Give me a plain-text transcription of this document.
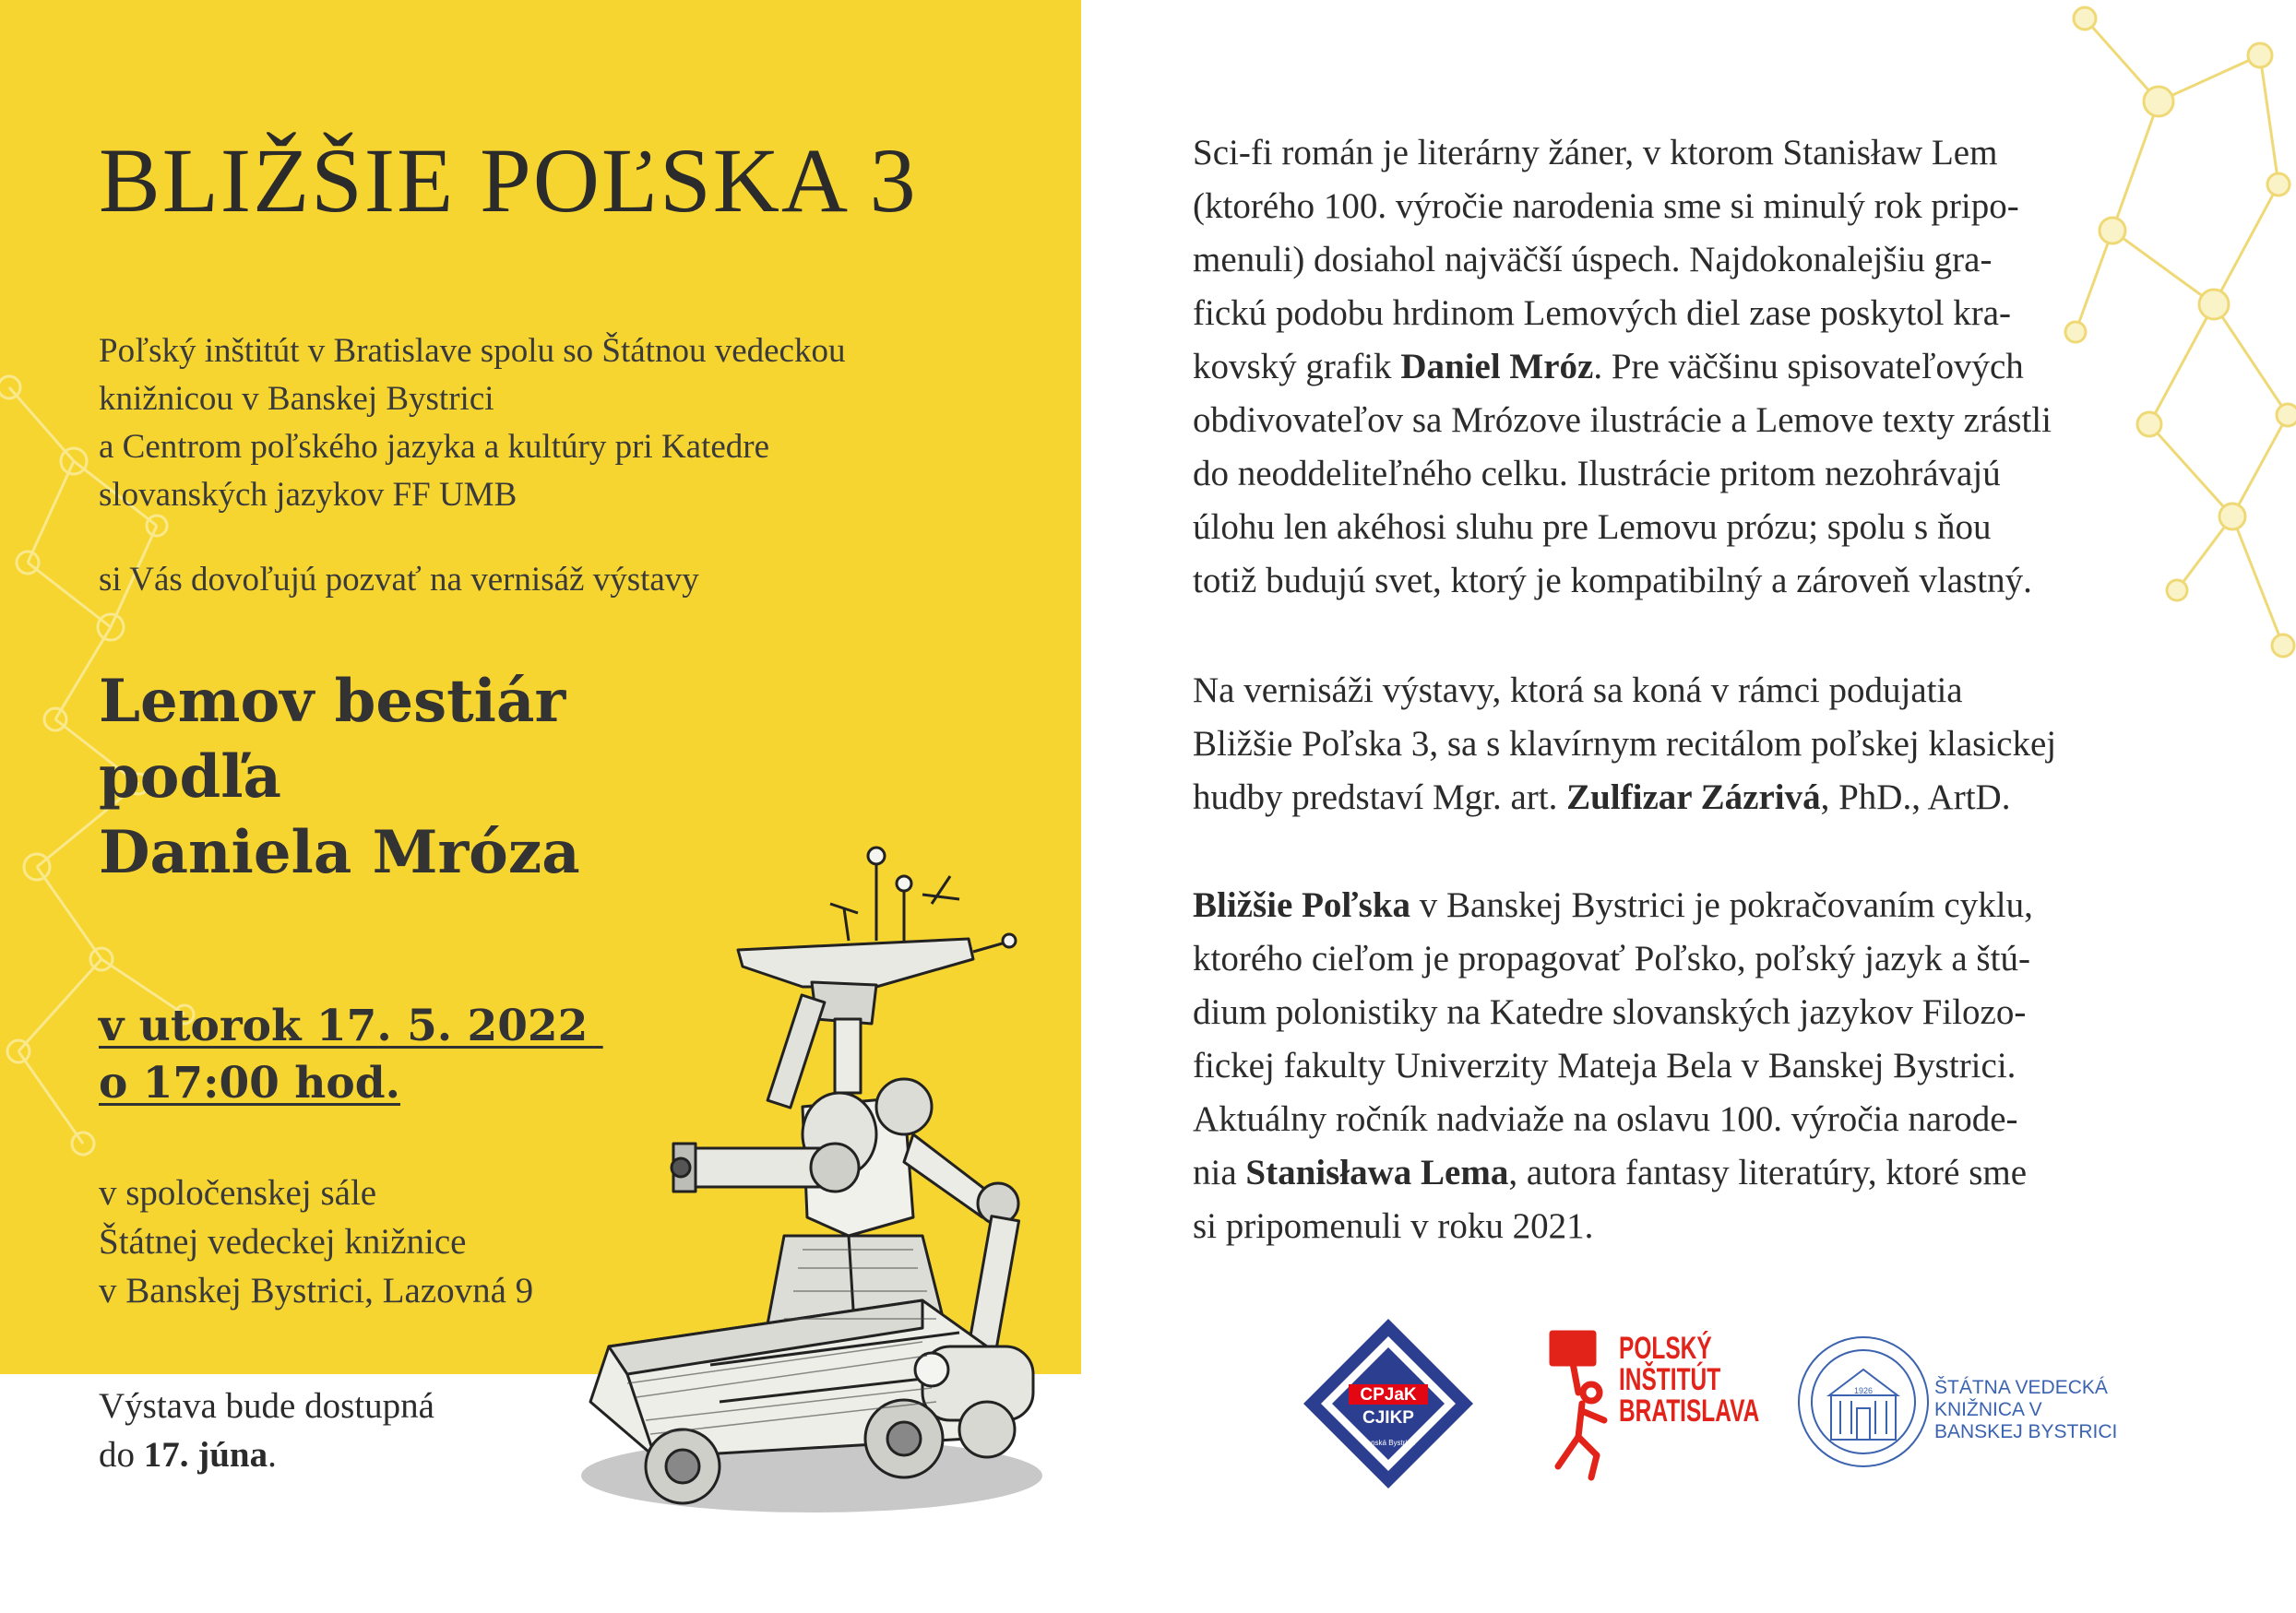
BLIŽŠIE POĽSKA 3
Poľský inštitút v Bratislave spolu so Štátnou vedeckou
knižnicou v Banskej Bystrici
a Centrom poľského jazyka a kultúry pri Katedre
slovanských jazykov FF UMB
si Vás dovoľujú pozvať na vernisáž výstavy
Lemov bestiár
podľa
Daniela Mróza
v utorok 17. 5. 2022
o 17:00 hod.
v spoločenskej sále
Štátnej vedeckej knižnice
v Banskej Bystrici, Lazovná 9
Výstava bude dostupná
do 17. júna.
Sci-fi román je literárny žáner, v ktorom Stanisław Lem
(ktorého 100. výročie narodenia sme si minulý rok pripo-
menuli) dosiahol najväčší úspech. Najdokonalejšiu gra-
fickú podobu hrdinom Lemových diel zase poskytol kra-
kovský grafik Daniel Mróz. Pre väčšinu spisovateľových
obdivovateľov sa Mrózove ilustrácie a Lemove texty zrástli
do neoddeliteľného celku. Ilustrácie pritom nezohrávajú
úlohu len akéhosi sluhu pre Lemovu prózu; spolu s ňou
totiž budujú svet, ktorý je kompatibilný a zároveň vlastný.
Na vernisáži výstavy, ktorá sa koná v rámci podujatia
Bližšie Poľska 3, sa s klavírnym recitálom poľskej klasickej
hudby predstaví Mgr. art. Zulfizar Zázrivá, PhD., ArtD.
Bližšie Poľska v Banskej Bystrici je pokračovaním cyklu,
ktorého cieľom je propagovať Poľsko, poľský jazyk a štú-
dium polonistiky na Katedre slovanských jazykov Filozo-
fickej fakulty Univerzity Mateja Bela v Banskej Bystrici.
Aktuálny ročník nadviaže na oslavu 100. výročia narode-
nia Stanisława Lema, autora fantasy literatúry, ktoré sme
si pripomenuli v roku 2021.
CPJaK
CJIKP
Banská Bystrica
POLSKÝ
INŠTITÚT
BRATISLAVA
1926	ŠTÁTNA VEDECKÁ
KNIŽNICA V
BANSKEJ BYSTRICI
